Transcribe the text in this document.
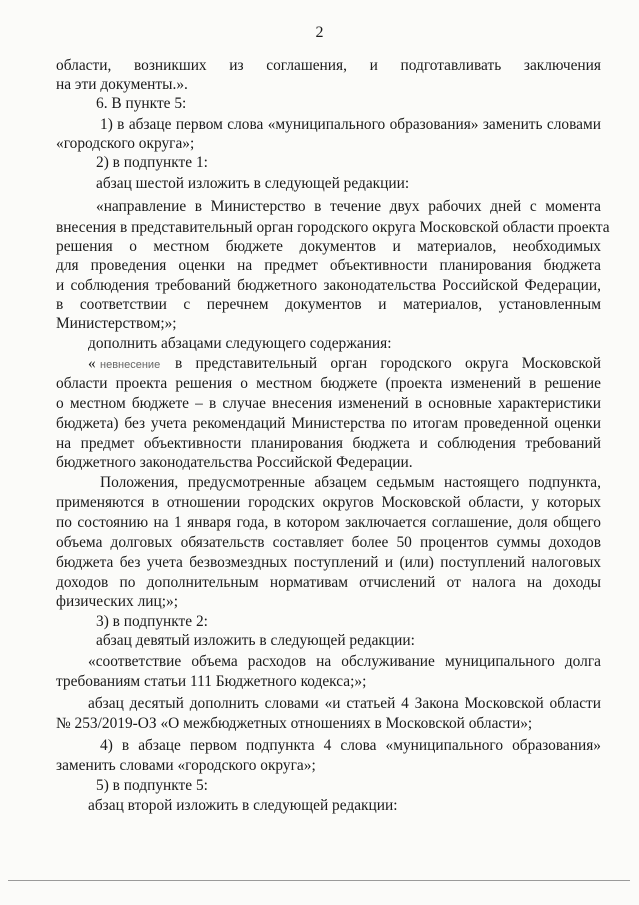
2
области, возникших из соглашения, и подготавливать заключения
на эти документы.».
6. В пункте 5:
1) в абзаце первом слова «муниципального образования» заменить словами
«городского округа»;
2) в подпункте 1:
абзац шестой изложить в следующей редакции:
«направление в Министерство в течение двух рабочих дней с момента
внесения в представительный орган городского округа Московской области проекта
решения о местном бюджете документов и материалов, необходимых
для проведения оценки на предмет объективности планирования бюджета
и соблюдения требований бюджетного законодательства Российской Федерации,
в соответствии с перечнем документов и материалов, установленным
Министерством;»;
дополнить абзацами следующего содержания:
« невнесение в представительный орган городского округа Московской
области проекта решения о местном бюджете (проекта изменений в решение
о местном бюджете – в случае внесения изменений в основные характеристики
бюджета) без учета рекомендаций Министерства по итогам проведенной оценки
на предмет объективности планирования бюджета и соблюдения требований
бюджетного законодательства Российской Федерации.
Положения, предусмотренные абзацем седьмым настоящего подпункта,
применяются в отношении городских округов Московской области, у которых
по состоянию на 1 января года, в котором заключается соглашение, доля общего
объема долговых обязательств составляет более 50 процентов суммы доходов
бюджета без учета безвозмездных поступлений и (или) поступлений налоговых
доходов по дополнительным нормативам отчислений от налога на доходы
физических лиц;»;
3) в подпункте 2:
абзац девятый изложить в следующей редакции:
«соответствие объема расходов на обслуживание муниципального долга
требованиям статьи 111 Бюджетного кодекса;»;
абзац десятый дополнить словами «и статьей 4 Закона Московской области
№ 253/2019-ОЗ «О межбюджетных отношениях в Московской области»;
4) в абзаце первом подпункта 4 слова «муниципального образования»
заменить словами «городского округа»;
5) в подпункте 5:
абзац второй изложить в следующей редакции:
